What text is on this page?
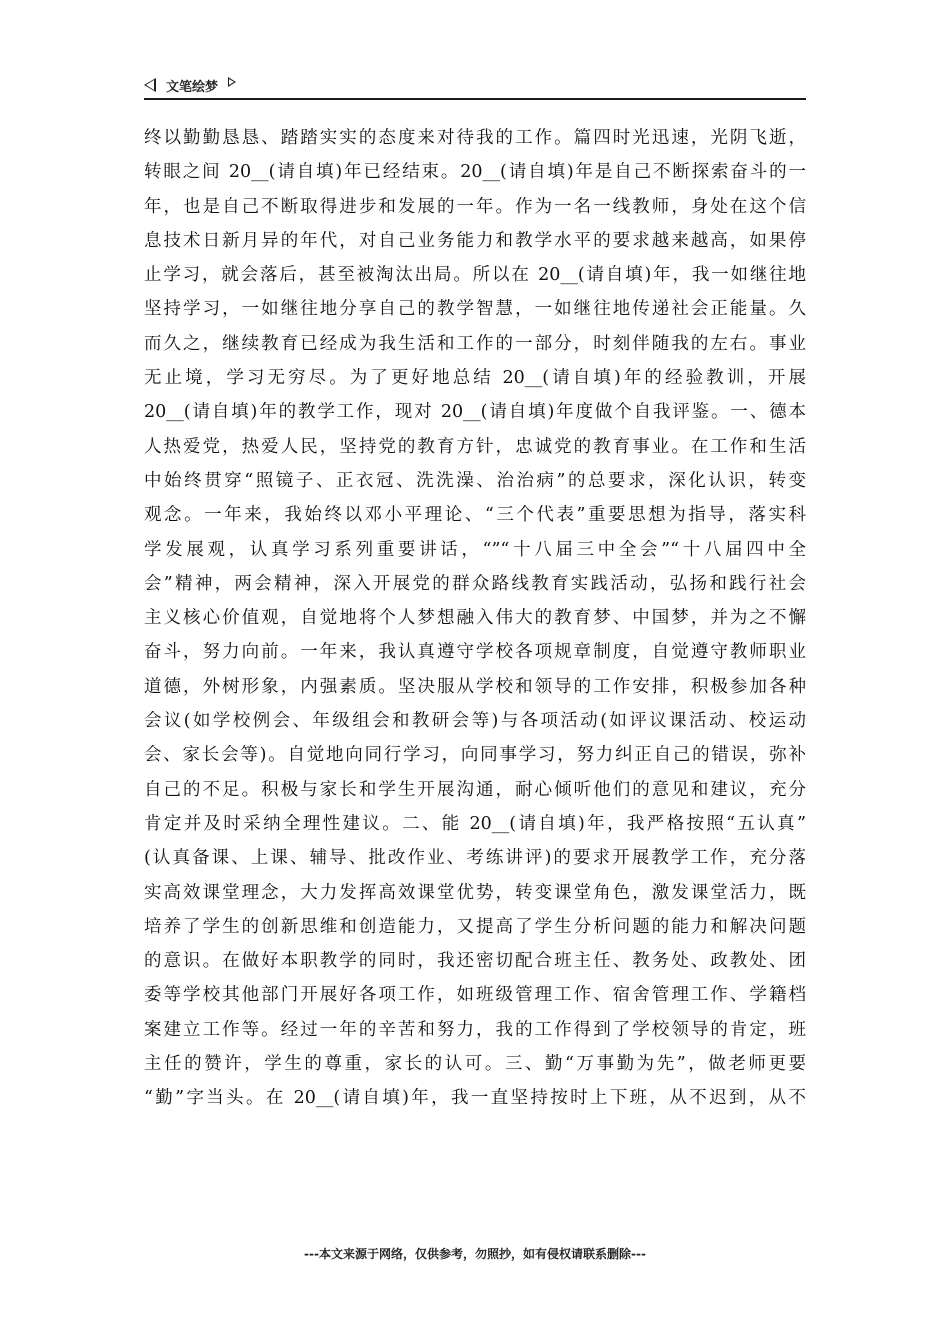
文笔绘梦
终以勤勤恳恳、踏踏实实的态度来对待我的工作。篇四时光迅速，光阴飞逝，
转眼之间 20__(请自填)年已经结束。20__(请自填)年是自己不断探索奋斗的一
年，也是自己不断取得进步和发展的一年。作为一名一线教师，身处在这个信
息技术日新月异的年代，对自己业务能力和教学水平的要求越来越高，如果停
止学习，就会落后，甚至被淘汰出局。所以在 20__(请自填)年，我一如继往地
坚持学习，一如继往地分享自己的教学智慧，一如继往地传递社会正能量。久
而久之，继续教育已经成为我生活和工作的一部分，时刻伴随我的左右。事业
无止境，学习无穷尽。为了更好地总结 20__(请自填)年的经验教训，开展
20__(请自填)年的教学工作，现对 20__(请自填)年度做个自我评鉴。一、德本
人热爱党，热爱人民，坚持党的教育方针，忠诚党的教育事业。在工作和生活
中始终贯穿“照镜子、正衣冠、洗洗澡、治治病”的总要求，深化认识，转变
观念。一年来，我始终以邓小平理论、“三个代表”重要思想为指导，落实科
学发展观，认真学习系列重要讲话，“”“十八届三中全会”“十八届四中全
会”精神，两会精神，深入开展党的群众路线教育实践活动，弘扬和践行社会
主义核心价值观，自觉地将个人梦想融入伟大的教育梦、中国梦，并为之不懈
奋斗，努力向前。一年来，我认真遵守学校各项规章制度，自觉遵守教师职业
道德，外树形象，内强素质。坚决服从学校和领导的工作安排，积极参加各种
会议(如学校例会、年级组会和教研会等)与各项活动(如评议课活动、校运动
会、家长会等)。自觉地向同行学习，向同事学习，努力纠正自己的错误，弥补
自己的不足。积极与家长和学生开展沟通，耐心倾听他们的意见和建议，充分
肯定并及时采纳全理性建议。二、能 20__(请自填)年，我严格按照“五认真”
(认真备课、上课、辅导、批改作业、考练讲评)的要求开展教学工作，充分落
实高效课堂理念，大力发挥高效课堂优势，转变课堂角色，激发课堂活力，既
培养了学生的创新思维和创造能力，又提高了学生分析问题的能力和解决问题
的意识。在做好本职教学的同时，我还密切配合班主任、教务处、政教处、团
委等学校其他部门开展好各项工作，如班级管理工作、宿舍管理工作、学籍档
案建立工作等。经过一年的辛苦和努力，我的工作得到了学校领导的肯定，班
主任的赞许，学生的尊重，家长的认可。三、勤“万事勤为先”，做老师更要
“勤”字当头。在 20__(请自填)年，我一直坚持按时上下班，从不迟到，从不
---本文来源于网络，仅供参考，勿照抄，如有侵权请联系删除---
